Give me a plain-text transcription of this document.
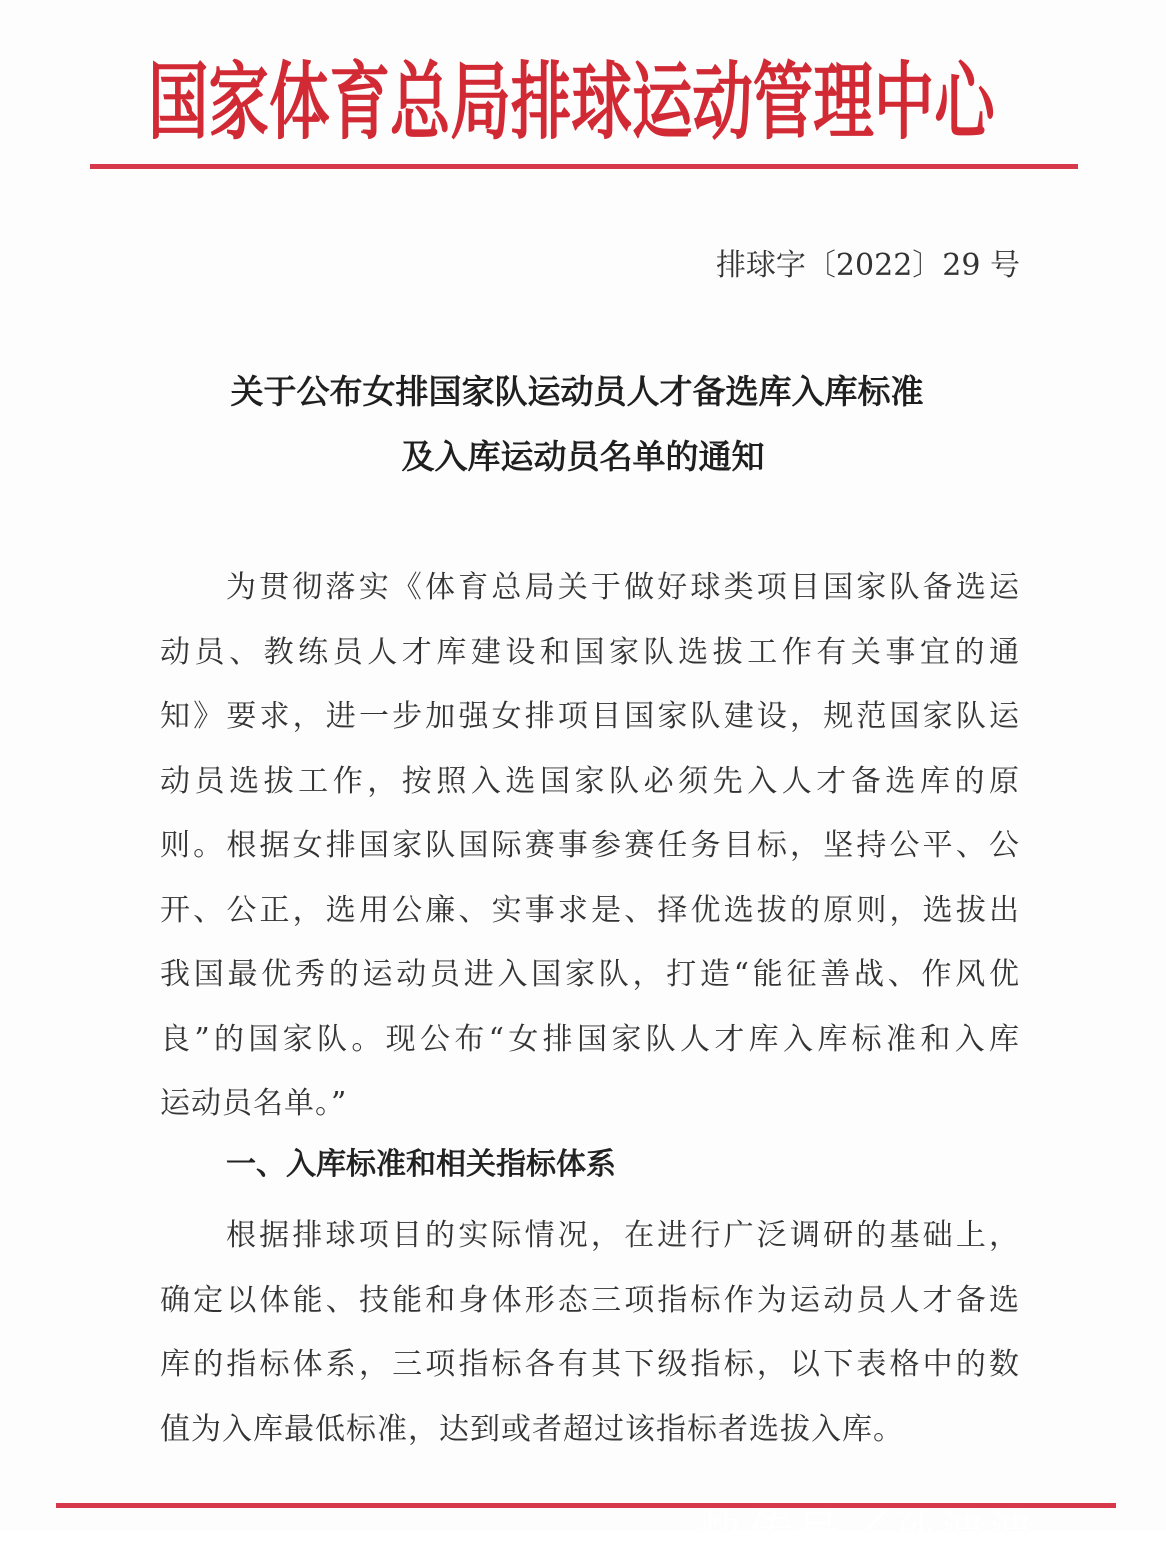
国家体育总局排球运动管理中心
排球字〔2022〕29 号
关于公布女排国家队运动员人才备选库入库标准
及入库运动员名单的通知
为贯彻落实《体育总局关于做好球类项目国家队备选运
动员、教练员人才库建设和国家队选拔工作有关事宜的通
知》要求，进一步加强女排项目国家队建设，规范国家队运
动员选拔工作，按照入选国家队必须先入人才备选库的原
则。根据女排国家队国际赛事参赛任务目标，坚持公平、公
开、公正，选用公廉、实事求是、择优选拔的原则，选拔出
我国最优秀的运动员进入国家队，打造“能征善战、作风优
良”的国家队。现公布“女排国家队人才库入库标准和入库
运动员名单。”
一、入库标准和相关指标体系
根据排球项目的实际情况，在进行广泛调研的基础上，
确定以体能、技能和身体形态三项指标作为运动员人才备选
库的指标体系，三项指标各有其下级指标，以下表格中的数
值为入库最低标准，达到或者超过该指标者选拔入库。
快传号／孙波波
